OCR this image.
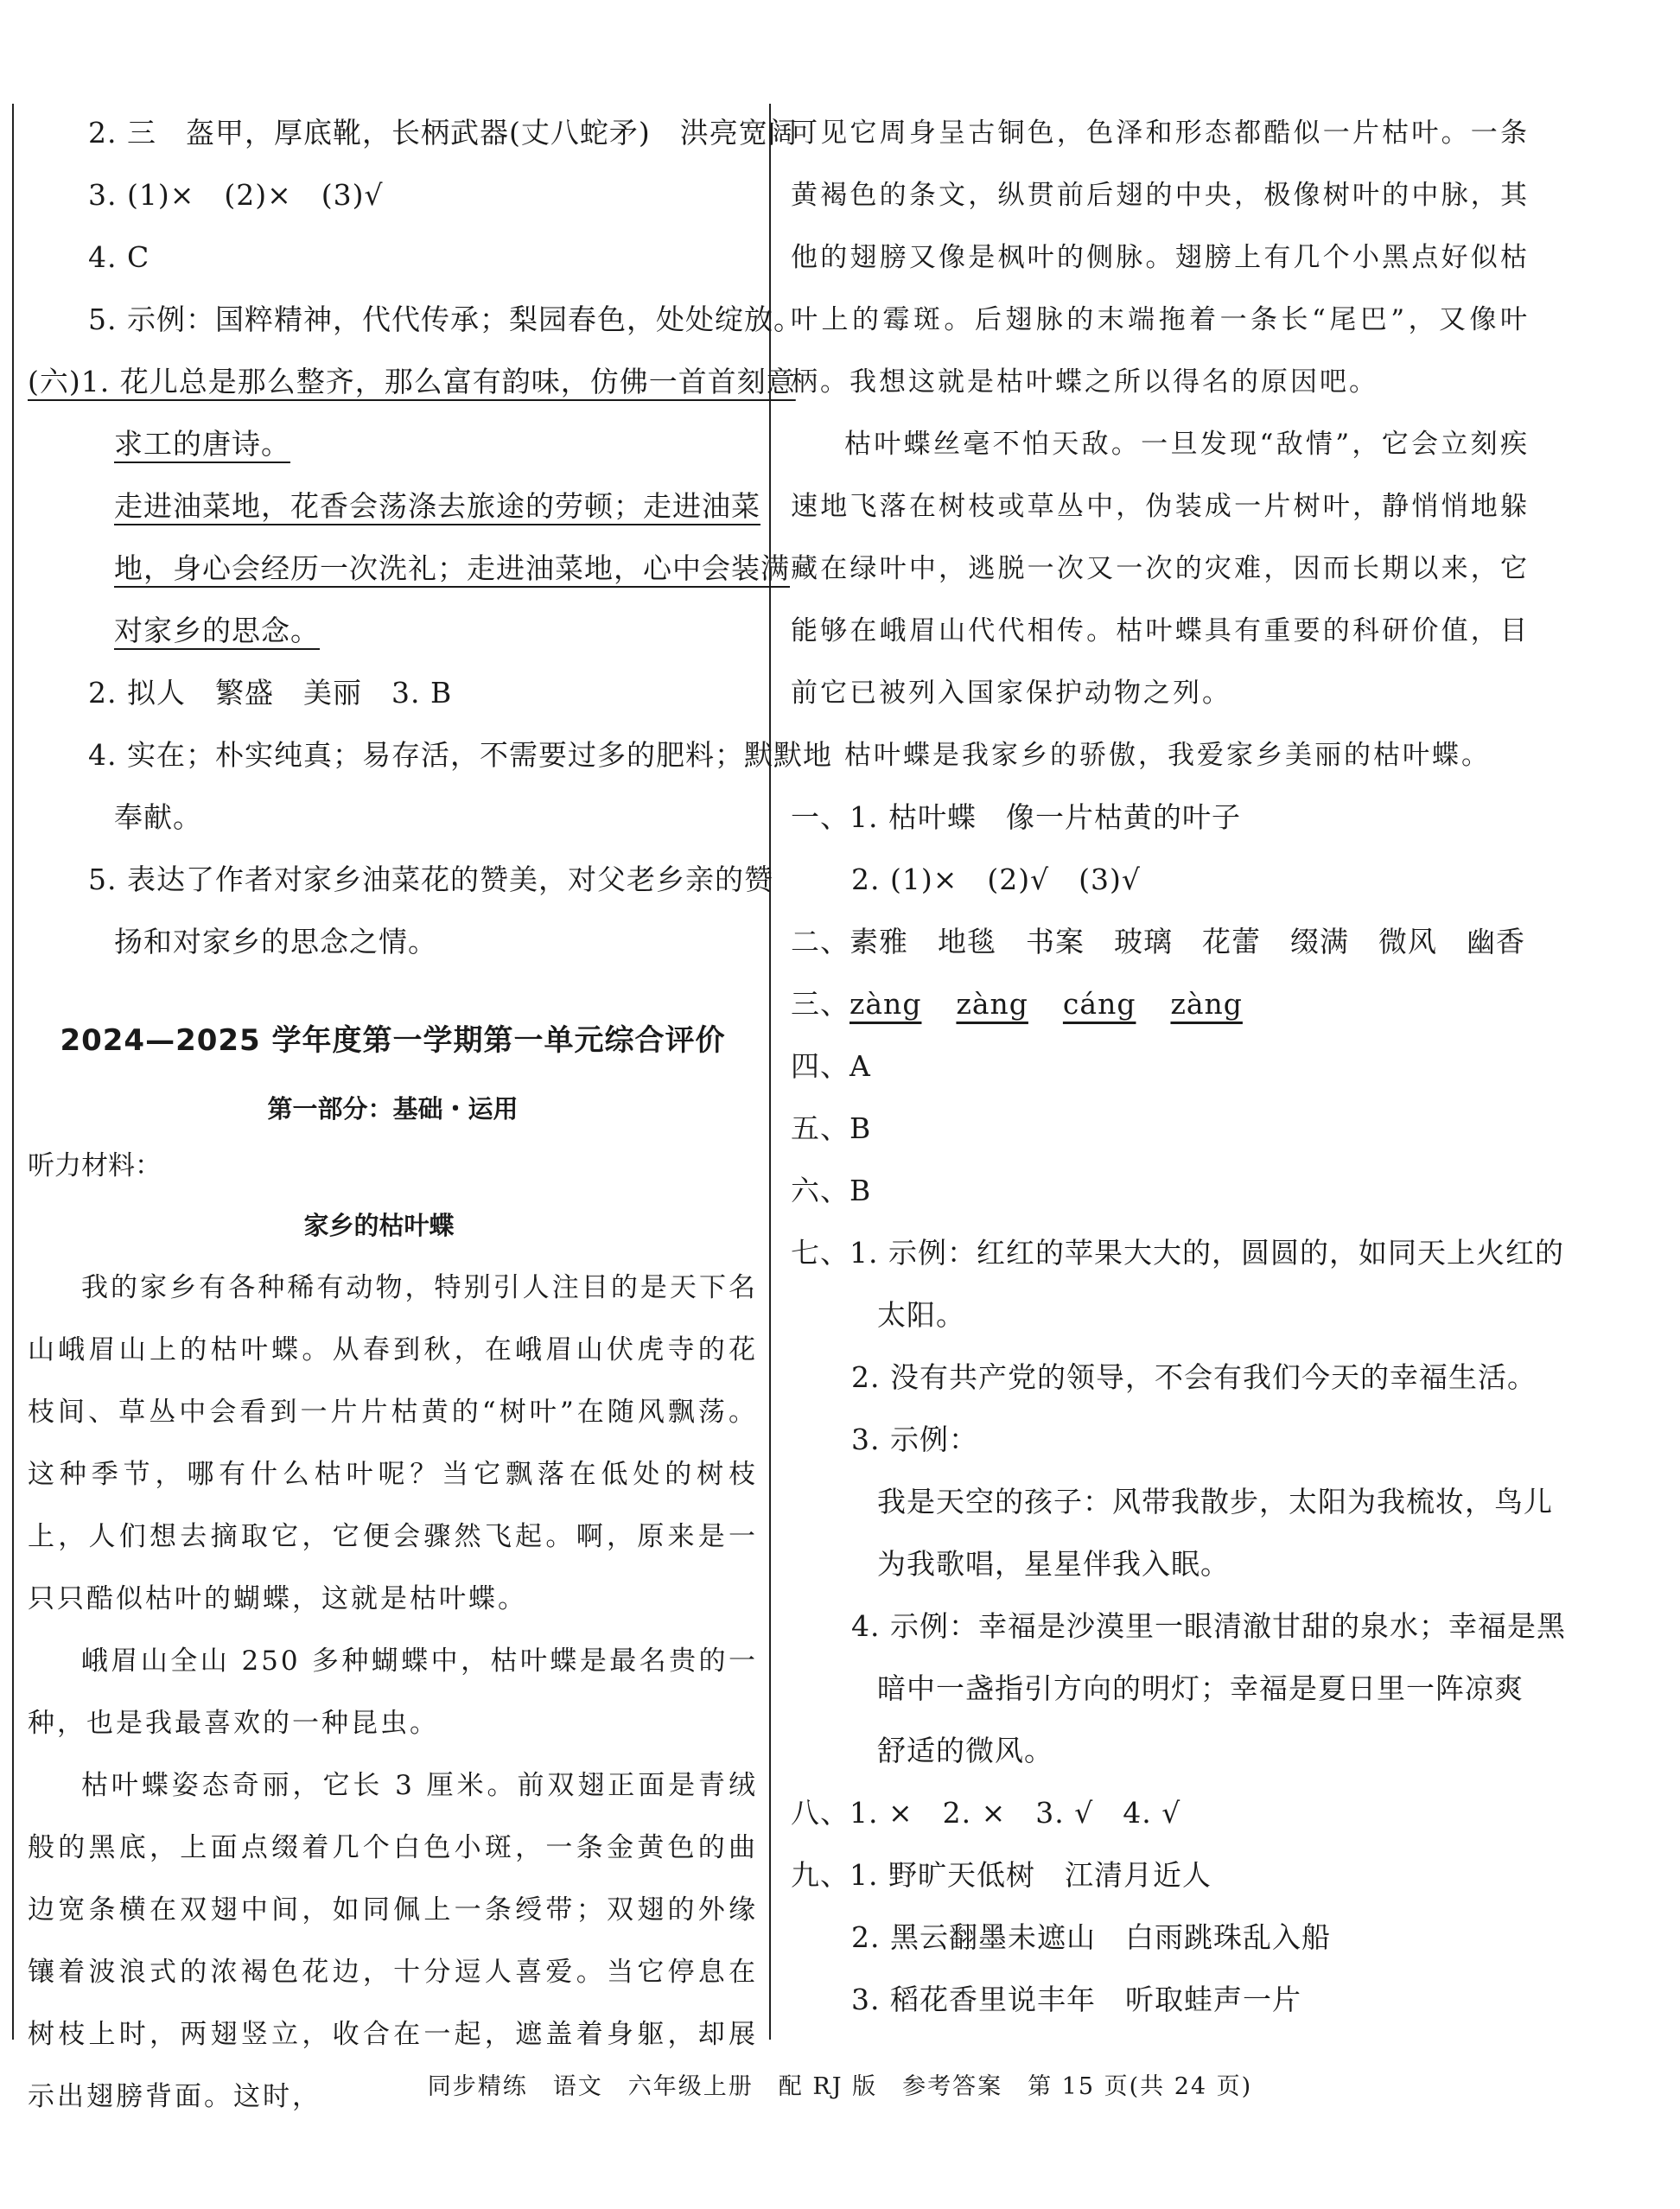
2. 三　盔甲，厚底靴，长柄武器(丈八蛇矛)　洪亮宽阔
3. (1)×　(2)×　(3)√
4. C
5. 示例：国粹精神，代代传承；梨园春色，处处绽放。
(六)1. 花儿总是那么整齐，那么富有韵味，仿佛一首首刻意
求工的唐诗。
走进油菜地，花香会荡涤去旅途的劳顿；走进油菜
地，身心会经历一次洗礼；走进油菜地，心中会装满
对家乡的思念。
2. 拟人　繁盛　美丽　3. B
4. 实在；朴实纯真；易存活，不需要过多的肥料；默默地
奉献。
5. 表达了作者对家乡油菜花的赞美，对父老乡亲的赞
扬和对家乡的思念之情。
2024—2025 学年度第一学期第一单元综合评价
第一部分：基础・运用
听力材料：
家乡的枯叶蝶

我的家乡有各种稀有动物，特别引人注目的是天下名山峨眉山上的枯叶蝶。从春到秋，在峨眉山伏虎寺的花枝间、草丛中会看到一片片枯黄的“树叶”在随风飘荡。这种季节，哪有什么枯叶呢？当它飘落在低处的树枝上，人们想去摘取它，它便会骤然飞起。啊，原来是一只只酷似枯叶的蝴蝶，这就是枯叶蝶。

峨眉山全山 250 多种蝴蝶中，枯叶蝶是最名贵的一种，也是我最喜欢的一种昆虫。

枯叶蝶姿态奇丽，它长 3 厘米。前双翅正面是青绒般的黑底，上面点缀着几个白色小斑，一条金黄色的曲边宽条横在双翅中间，如同佩上一条绶带；双翅的外缘镶着波浪式的浓褐色花边，十分逗人喜爱。当它停息在树枝上时，两翅竖立，收合在一起，遮盖着身躯，却展示出翅膀背面。这时，

可见它周身呈古铜色，色泽和形态都酷似一片枯叶。一条黄褐色的条文，纵贯前后翅的中央，极像树叶的中脉，其他的翅膀又像是枫叶的侧脉。翅膀上有几个小黑点好似枯叶上的霉斑。后翅脉的末端拖着一条长“尾巴”，又像叶柄。我想这就是枯叶蝶之所以得名的原因吧。

枯叶蝶丝毫不怕天敌。一旦发现“敌情”，它会立刻疾速地飞落在树枝或草丛中，伪装成一片树叶，静悄悄地躲藏在绿叶中，逃脱一次又一次的灾难，因而长期以来，它能够在峨眉山代代相传。枯叶蝶具有重要的科研价值，目前它已被列入国家保护动物之列。

枯叶蝶是我家乡的骄傲，我爱家乡美丽的枯叶蝶。

一、1. 枯叶蝶　像一片枯黄的叶子
2. (1)×　(2)√　(3)√
二、素雅　地毯　书案　玻璃　花蕾　缀满　微风　幽香
三、zàng zàng cáng zàng
四、A
五、B
六、B
七、1. 示例：红红的苹果大大的，圆圆的，如同天上火红的
太阳。
2. 没有共产党的领导，不会有我们今天的幸福生活。
3. 示例：
我是天空的孩子：风带我散步，太阳为我梳妆，鸟儿
为我歌唱，星星伴我入眠。
4. 示例：幸福是沙漠里一眼清澈甘甜的泉水；幸福是黑
暗中一盏指引方向的明灯；幸福是夏日里一阵凉爽
舒适的微风。
八、1. ×　2. ×　3. √　4. √
九、1. 野旷天低树　江清月近人
2. 黑云翻墨未遮山　白雨跳珠乱入船
3. 稻花香里说丰年　听取蛙声一片
同步精练　语文　六年级上册　配 RJ 版　参考答案　第 15 页(共 24 页)
